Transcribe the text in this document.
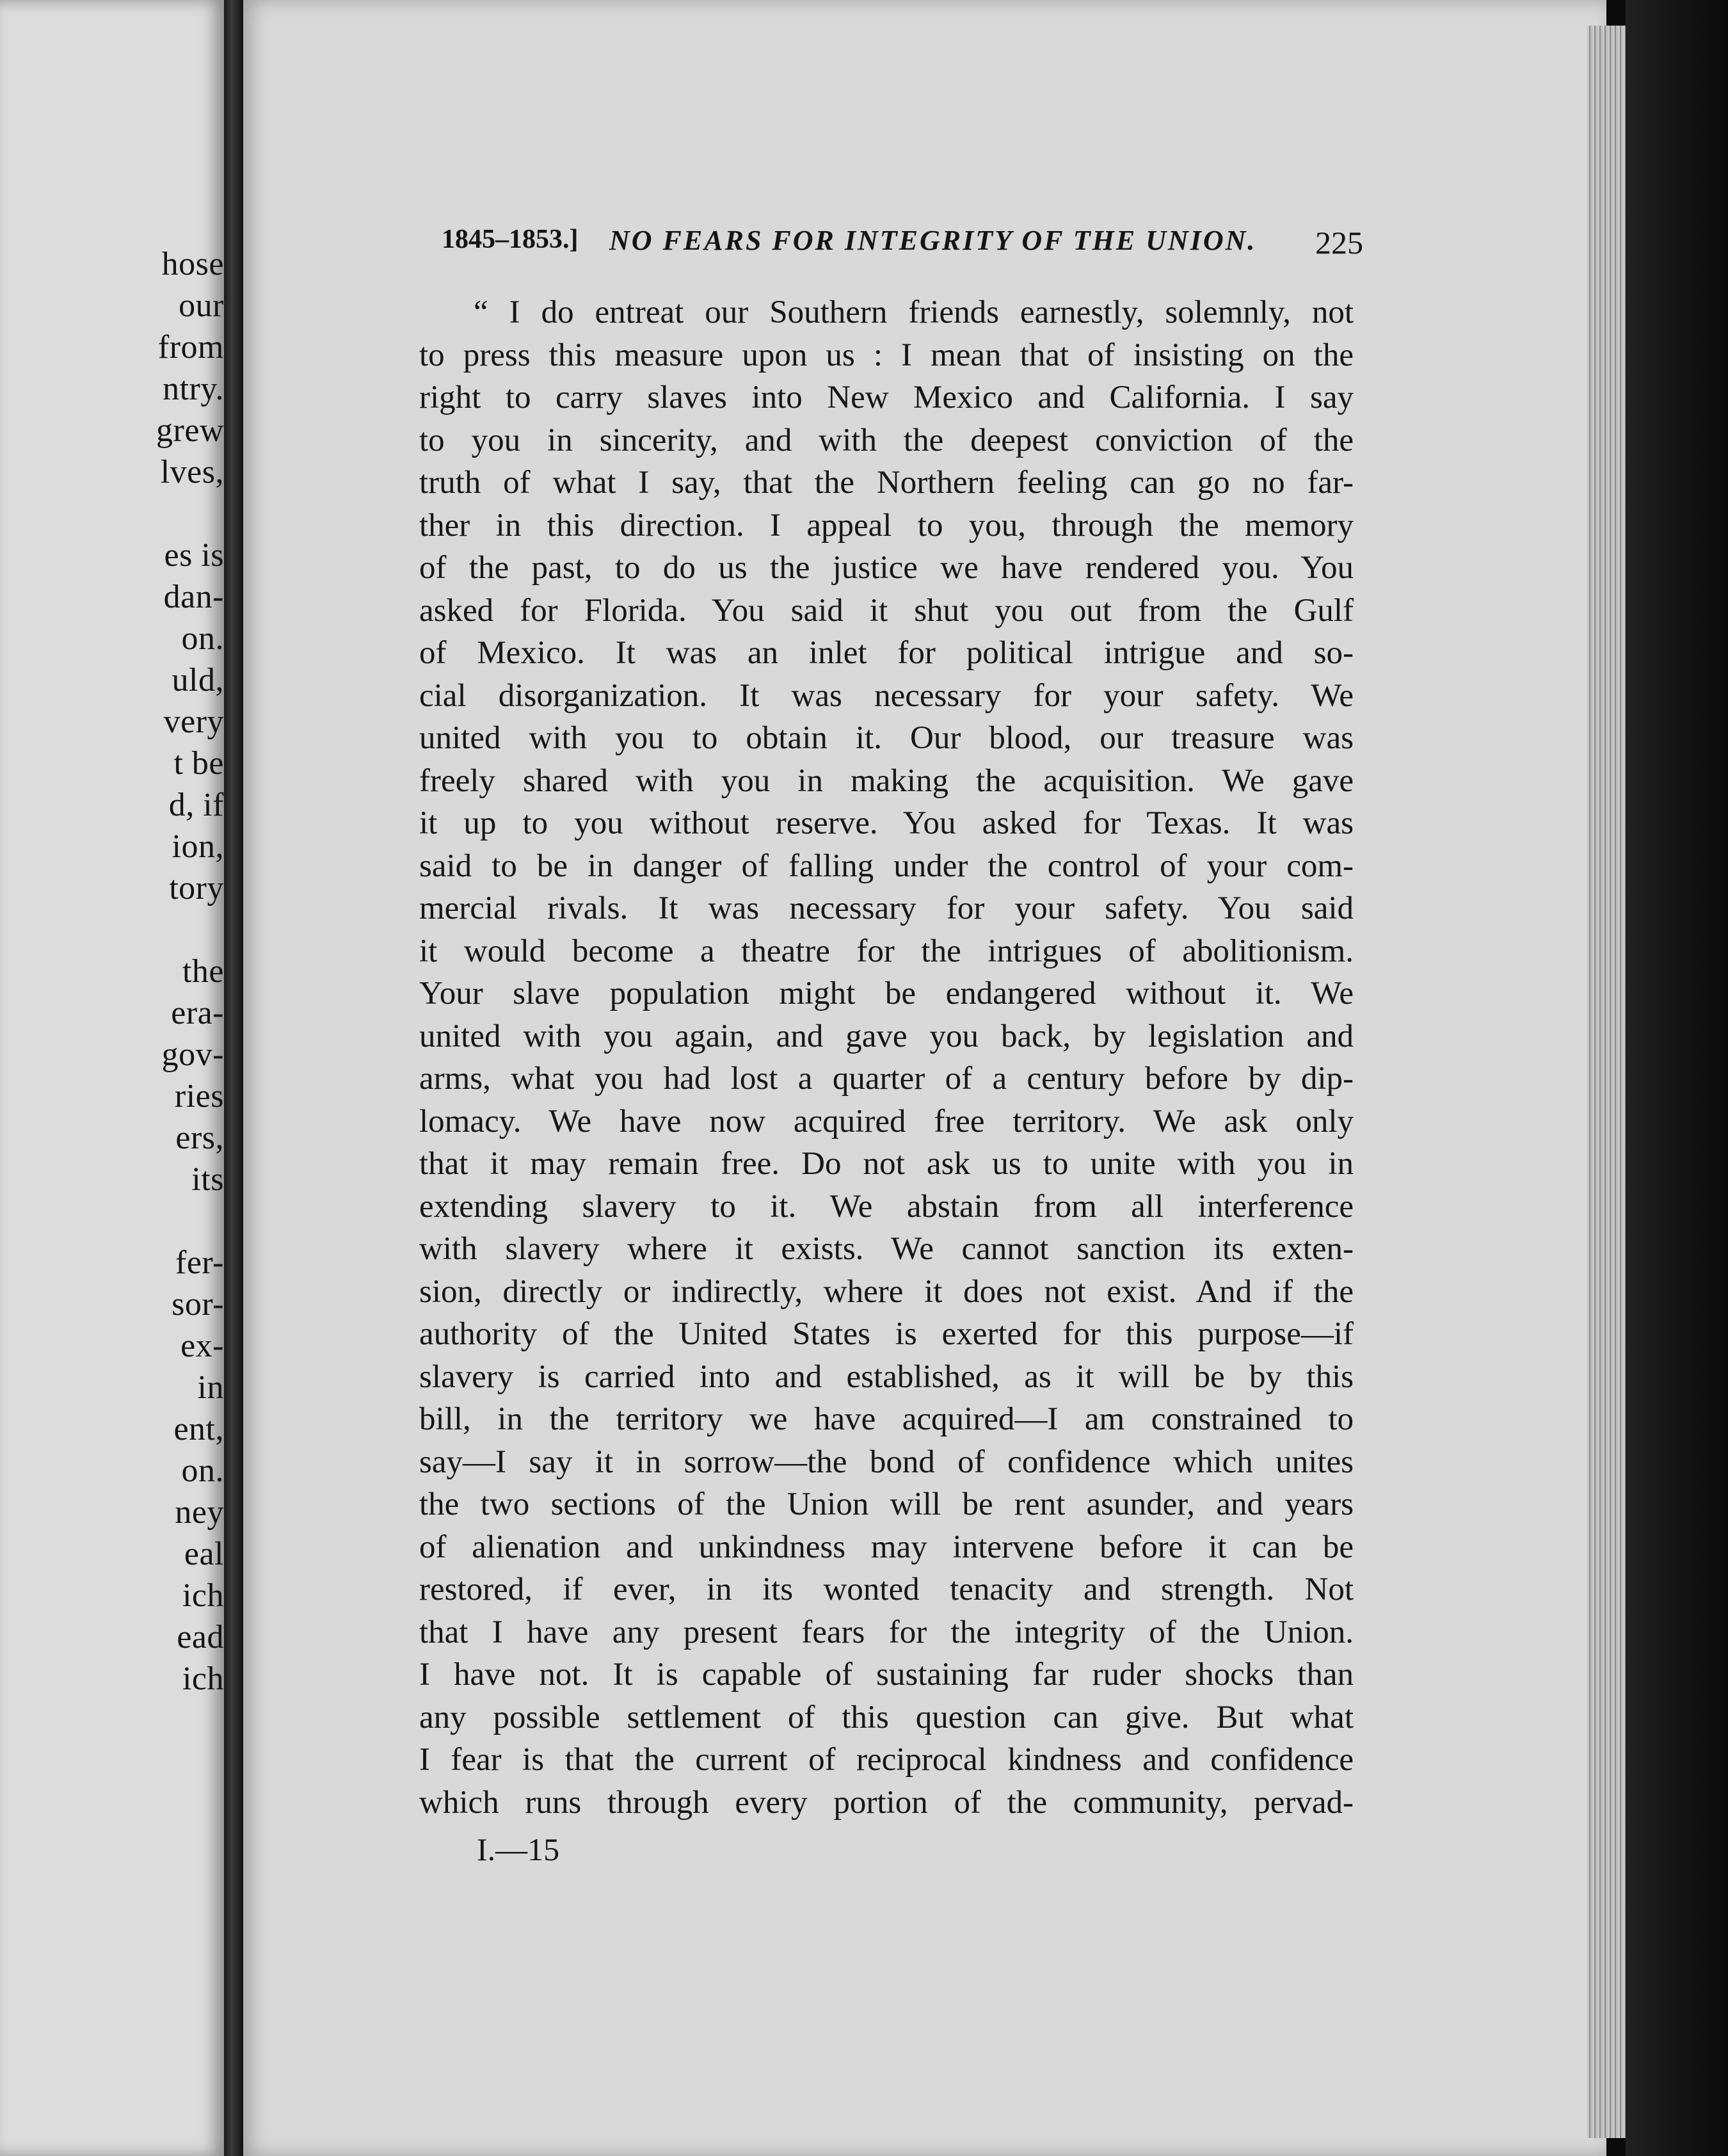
hose
our
from
ntry.
grew
lves,
es is
dan-
on.
uld,
very
t be
d, if
ion,
tory
the
era-
gov-
ries
ers,
its
fer-
sor-
ex-
in
ent,
on.
ney
eal
ich
ead
ich
1845–1853.] NO FEARS FOR INTEGRITY OF THE UNION. 225
“ I do entreat our Southern friends earnestly, solemnly, not
to press this measure upon us : I mean that of insisting on the
right to carry slaves into New Mexico and California. I say
to you in sincerity, and with the deepest conviction of the
truth of what I say, that the Northern feeling can go no far-
ther in this direction. I appeal to you, through the memory
of the past, to do us the justice we have rendered you. You
asked for Florida. You said it shut you out from the Gulf
of Mexico. It was an inlet for political intrigue and so-
cial disorganization. It was necessary for your safety. We
united with you to obtain it. Our blood, our treasure was
freely shared with you in making the acquisition. We gave
it up to you without reserve. You asked for Texas. It was
said to be in danger of falling under the control of your com-
mercial rivals. It was necessary for your safety. You said
it would become a theatre for the intrigues of abolitionism.
Your slave population might be endangered without it. We
united with you again, and gave you back, by legislation and
arms, what you had lost a quarter of a century before by dip-
lomacy. We have now acquired free territory. We ask only
that it may remain free. Do not ask us to unite with you in
extending slavery to it. We abstain from all interference
with slavery where it exists. We cannot sanction its exten-
sion, directly or indirectly, where it does not exist. And if the
authority of the United States is exerted for this purpose—if
slavery is carried into and established, as it will be by this
bill, in the territory we have acquired—I am constrained to
say—I say it in sorrow—the bond of confidence which unites
the two sections of the Union will be rent asunder, and years
of alienation and unkindness may intervene before it can be
restored, if ever, in its wonted tenacity and strength. Not
that I have any present fears for the integrity of the Union.
I have not. It is capable of sustaining far ruder shocks than
any possible settlement of this question can give. But what
I fear is that the current of reciprocal kindness and confidence
which runs through every portion of the community, pervad-
I.—15
